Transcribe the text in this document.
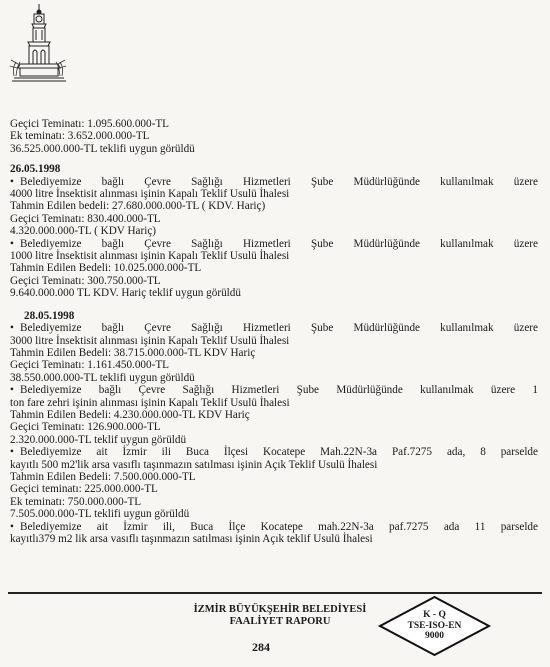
Geçici Teminatı: 1.095.600.000-TL
Ek teminatı: 3.652.000.000-TL
36.525.000.000-TL teklifi uygun görüldü
26.05.1998
• Belediyemize bağlı Çevre Sağlığı Hizmetleri Şube Müdürlüğünde kullanılmak üzere
4000 litre İnsektisit alınması işinin Kapalı Teklif Usulü İhalesi
Tahmin Edilen bedeli: 27.680.000.000-TL ( KDV. Hariç)
Geçici Teminatı: 830.400.000-TL
4.320.000.000-TL ( KDV Hariç)
• Belediyemize bağlı Çevre Sağlığı Hizmetleri Şube Müdürlüğünde kullanılmak üzere
1000 litre İnsektisit alınması işinin Kapalı Teklif Usulü İhalesi
Tahmin Edilen Bedeli: 10.025.000.000-TL
Geçici Teminatı: 300.750.000-TL
9.640.000.000 TL KDV. Hariç teklif uygun görüldü
28.05.1998
• Belediyemize bağlı Çevre Sağlığı Hizmetleri Şube Müdürlüğünde kullanılmak üzere
3000 litre İnsektisit alınması işinin Kapalı Teklif Usulü İhalesi
Tahmin Edilen Bedeli: 38.715.000.000-TL KDV Hariç
Geçici Teminatı: 1.161.450.000-TL
38.550.000.000-TL teklifi uygun görüldü
• Belediyemize bağlı Çevre Sağlığı Hizmetleri Şube Müdürlüğünde kullanılmak üzere 1
ton fare zehri işinin alınması işinin Kapalı Teklif Usulü İhalesi
Tahmin Edilen Bedeli: 4.230.000.000-TL KDV Hariç
Geçici Teminatı: 126.900.000-TL
2.320.000.000-TL teklif uygun görüldü
• Belediyemize ait İzmir ili Buca İlçesi Kocatepe Mah.22N-3a Paf.7275 ada, 8 parselde
kayıtlı 500 m2'lik arsa vasıflı taşınmazın satılması işinin Açık Teklif Usulü İhalesi
Tahmin Edilen Bedeli: 7.500.000.000-TL
Geçici teminatı: 225.000.000-TL
Ek teminatı: 750.000.000-TL
7.505.000.000-TL teklifi uygun görüldü
• Belediyemize ait İzmir ili, Buca İlçe Kocatepe mah.22N-3a paf.7275 ada 11 parselde
kayıtlı379 m2 lik arsa vasıflı taşınmazın satılması işinin Açık teklif Usulü İhalesi
İZMİR BÜYÜKŞEHİR BELEDİYESİ
FAALİYET RAPORU
284
K - Q
TSE-ISO-EN
9000
